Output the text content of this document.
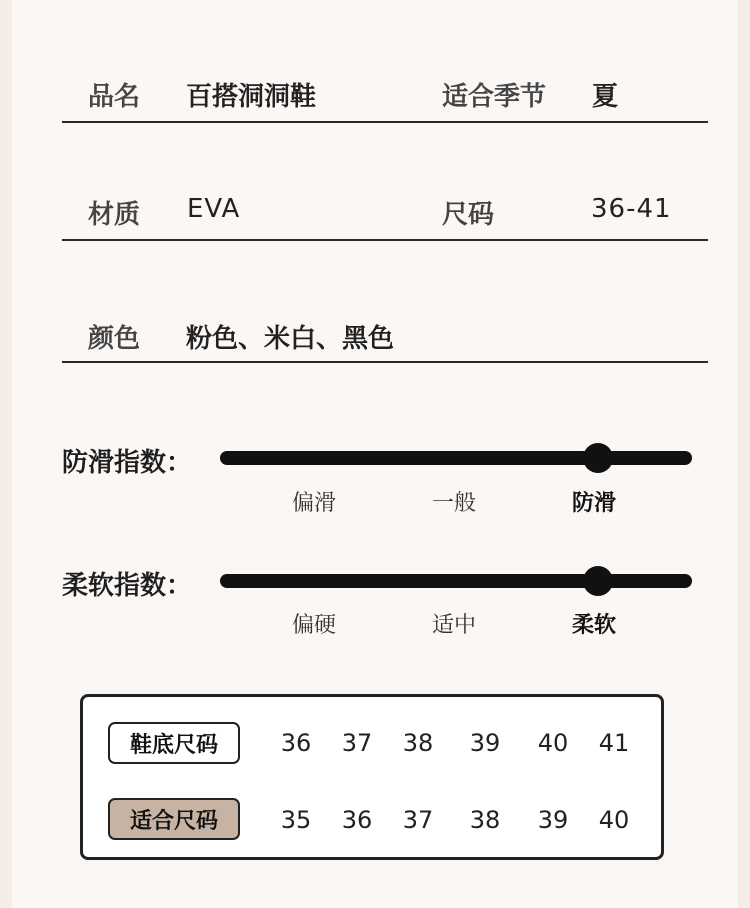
品名 百搭洞洞鞋	适合季节 夏
材质 EVA	尺码	36-41
颜色 粉色、米白、黑色
防滑指数：
偏滑	一般	防滑
柔软指数：
偏硬	适中	柔软
鞋底尺码	36 37 38 39 40 41
适合尺码	35 36 37 38 39 40
